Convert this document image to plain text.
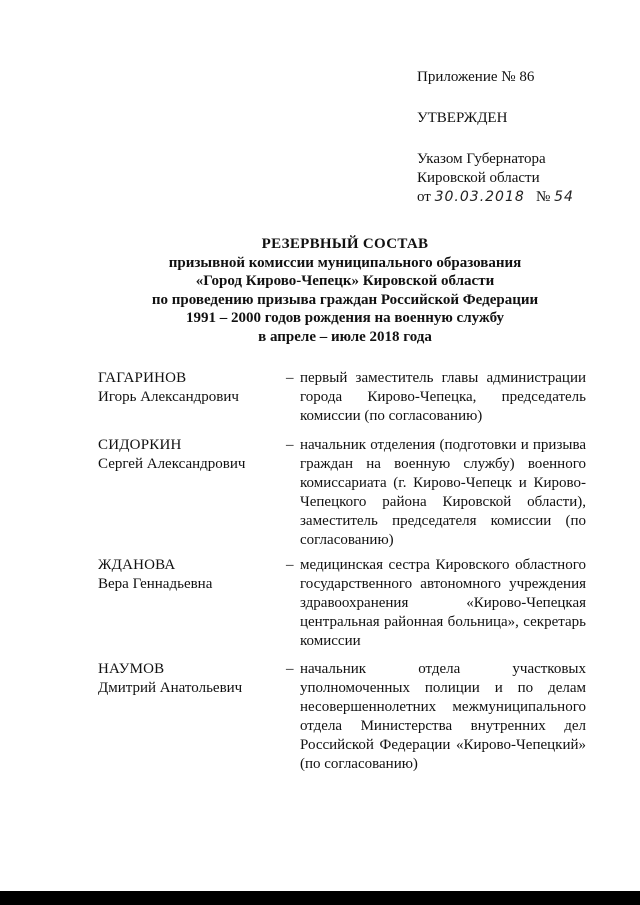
Приложение № 86
УТВЕРЖДЕН
Указом Губернатора
Кировской области
от 30.03.2018 № 54
РЕЗЕРВНЫЙ СОСТАВ
призывной комиссии муниципального образования
«Город Кирово-Чепецк» Кировской области
по проведению призыва граждан Российской Федерации
1991 – 2000 годов рождения на военную службу
в апреле – июле 2018 года
ГАГАРИНОВ
Игорь Александрович
– первый заместитель главы администрации города Кирово-Чепецка, председатель комиссии (по согласованию)
СИДОРКИН
Сергей Александрович
– начальник отделения (подготовки и призыва граждан на военную службу) военного комиссариата (г. Кирово-Чепецк и Кирово-Чепецкого района Кировской области), заместитель председателя комиссии (по согласованию)
ЖДАНОВА
Вера Геннадьевна
– медицинская сестра Кировского областного государственного автономного учреждения здравоохранения «Кирово-Чепецкая центральная районная больница», секретарь комиссии
НАУМОВ
Дмитрий Анатольевич
– начальник отдела участковых уполномоченных полиции и по делам несовершеннолетних межмуниципального отдела Министерства внутренних дел Российской Федерации «Кирово-Чепецкий» (по согласованию)
